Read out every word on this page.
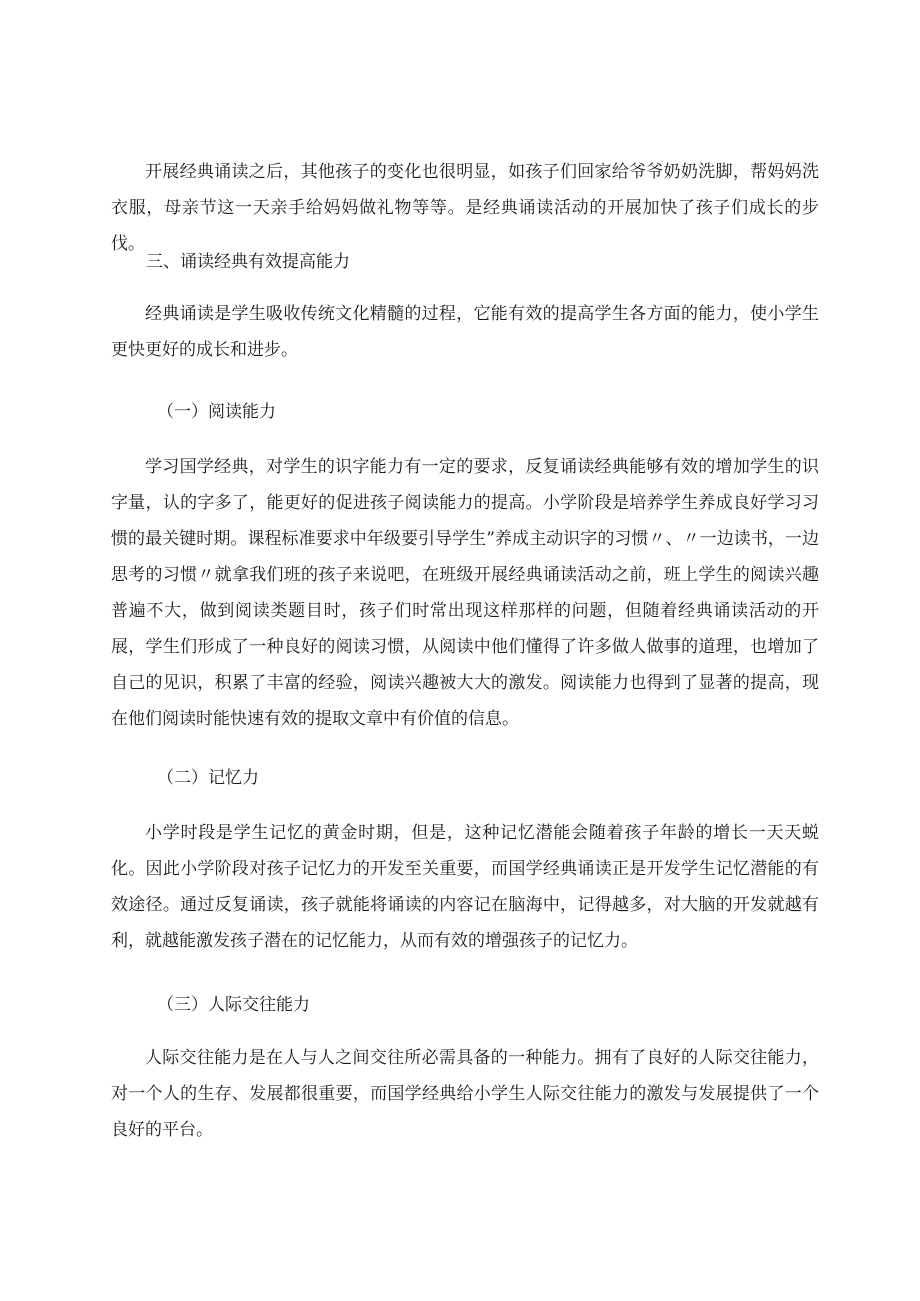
开展经典诵读之后，其他孩子的变化也很明显，如孩子们回家给爷爷奶奶洗脚，帮妈妈洗衣服，母亲节这一天亲手给妈妈做礼物等等。是经典诵读活动的开展加快了孩子们成长的步伐。

三、诵读经典有效提高能力

经典诵读是学生吸收传统文化精髓的过程，它能有效的提高学生各方面的能力，使小学生更快更好的成长和进步。

（一）阅读能力

学习国学经典，对学生的识字能力有一定的要求，反复诵读经典能够有效的增加学生的识字量，认的字多了，能更好的促进孩子阅读能力的提高。小学阶段是培养学生养成良好学习习惯的最关键时期。课程标准要求中年级要引导学生”养成主动识字的习惯〃、〃一边读书，一边思考的习惯〃就拿我们班的孩子来说吧，在班级开展经典诵读活动之前，班上学生的阅读兴趣普遍不大，做到阅读类题目时，孩子们时常出现这样那样的问题，但随着经典诵读活动的开展，学生们形成了一种良好的阅读习惯，从阅读中他们懂得了许多做人做事的道理，也增加了自己的见识，积累了丰富的经验，阅读兴趣被大大的激发。阅读能力也得到了显著的提高，现在他们阅读时能快速有效的提取文章中有价值的信息。

（二）记忆力

小学时段是学生记忆的黄金时期，但是，这种记忆潜能会随着孩子年龄的增长一天天蜕化。因此小学阶段对孩子记忆力的开发至关重要，而国学经典诵读正是开发学生记忆潜能的有效途径。通过反复诵读，孩子就能将诵读的内容记在脑海中，记得越多，对大脑的开发就越有利，就越能激发孩子潜在的记忆能力，从而有效的增强孩子的记忆力。

（三）人际交往能力

人际交往能力是在人与人之间交往所必需具备的一种能力。拥有了良好的人际交往能力，对一个人的生存、发展都很重要，而国学经典给小学生人际交往能力的激发与发展提供了一个良好的平台。
